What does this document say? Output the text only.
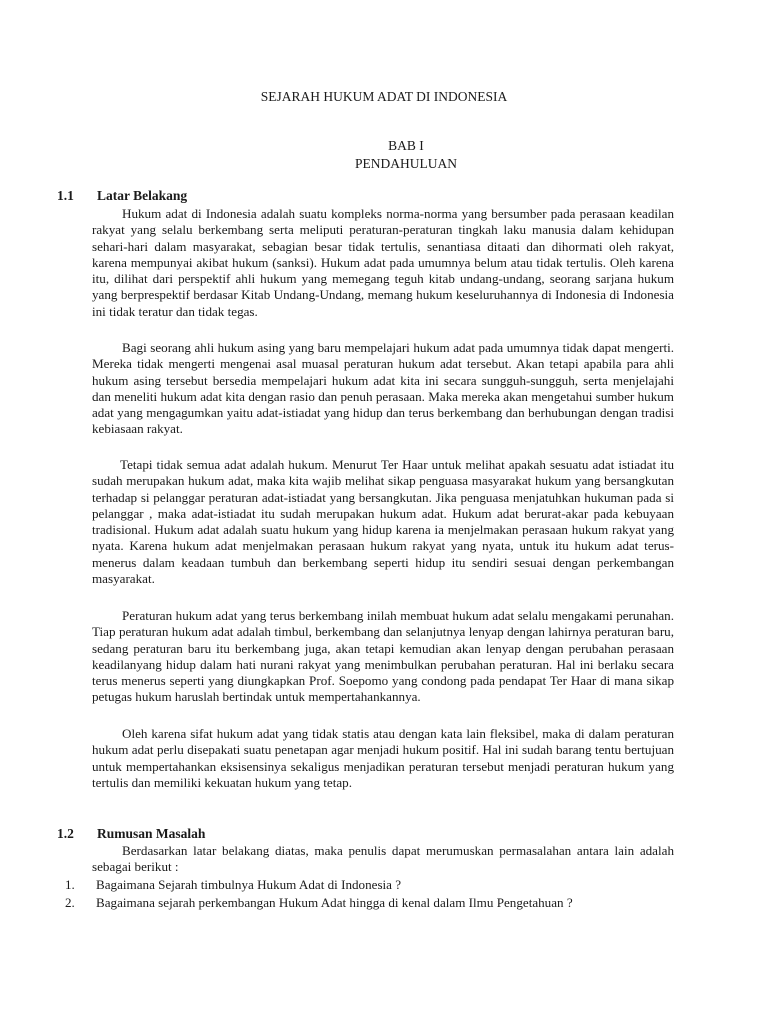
SEJARAH HUKUM ADAT DI INDONESIA
BAB I
PENDAHULUAN
1.1 Latar Belakang

Hukum adat di Indonesia adalah suatu kompleks norma-norma yang bersumber pada perasaan keadilan rakyat yang selalu berkembang serta meliputi peraturan-peraturan tingkah laku manusia dalam kehidupan sehari-hari dalam masyarakat, sebagian besar tidak tertulis, senantiasa ditaati dan dihormati oleh rakyat, karena mempunyai akibat hukum (sanksi). Hukum adat pada umumnya belum atau tidak tertulis. Oleh karena itu, dilihat dari perspektif ahli hukum yang memegang teguh kitab undang-undang, seorang sarjana hukum yang berprespektif berdasar Kitab Undang-Undang, memang hukum keseluruhannya di Indonesia di Indonesia ini tidak teratur dan tidak tegas.

Bagi seorang ahli hukum asing yang baru mempelajari hukum adat pada umumnya tidak dapat mengerti. Mereka tidak mengerti mengenai asal muasal peraturan hukum adat tersebut. Akan tetapi apabila para ahli hukum asing tersebut bersedia mempelajari hukum adat kita ini secara sungguh-sungguh, serta menjelajahi dan meneliti hukum adat kita dengan rasio dan penuh perasaan. Maka mereka akan mengetahui sumber hukum adat yang mengagumkan yaitu adat-istiadat yang hidup dan terus berkembang dan berhubungan dengan tradisi kebiasaan rakyat.

Tetapi tidak semua adat adalah hukum. Menurut Ter Haar untuk melihat apakah sesuatu adat istiadat itu sudah merupakan hukum adat, maka kita wajib melihat sikap penguasa masyarakat hukum yang bersangkutan terhadap si pelanggar peraturan adat-istiadat yang bersangkutan. Jika penguasa menjatuhkan hukuman pada si pelanggar , maka adat-istiadat itu sudah merupakan hukum adat. Hukum adat berurat-akar pada kebuyaan tradisional. Hukum adat adalah suatu hukum yang hidup karena ia menjelmakan perasaan hukum rakyat yang nyata. Karena hukum adat menjelmakan perasaan hukum rakyat yang nyata, untuk itu hukum adat terus-menerus dalam keadaan tumbuh dan berkembang seperti hidup itu sendiri sesuai dengan perkembangan masyarakat.

Peraturan hukum adat yang terus berkembang inilah membuat hukum adat selalu mengakami perunahan. Tiap peraturan hukum adat adalah timbul, berkembang dan selanjutnya lenyap dengan lahirnya peraturan baru, sedang peraturan baru itu berkembang juga, akan tetapi kemudian akan lenyap dengan perubahan perasaan keadilanyang hidup dalam hati nurani rakyat yang menimbulkan perubahan peraturan. Hal ini berlaku secara terus menerus seperti yang diungkapkan Prof. Soepomo yang condong pada pendapat Ter Haar di mana sikap petugas hukum haruslah bertindak untuk mempertahankannya.

Oleh karena sifat hukum adat yang tidak statis atau dengan kata lain fleksibel, maka di dalam peraturan hukum adat perlu disepakati suatu penetapan agar menjadi hukum positif. Hal ini sudah barang tentu bertujuan untuk mempertahankan eksisensinya sekaligus menjadikan peraturan tersebut menjadi peraturan hukum yang tertulis dan memiliki kekuatan hukum yang tetap.

1.2 Rumusan Masalah

Berdasarkan latar belakang diatas, maka penulis dapat merumuskan permasalahan antara lain adalah sebagai berikut :

1. Bagaimana Sejarah timbulnya Hukum Adat di Indonesia ?
2. Bagaimana sejarah perkembangan Hukum Adat hingga di kenal dalam Ilmu Pengetahuan ?
